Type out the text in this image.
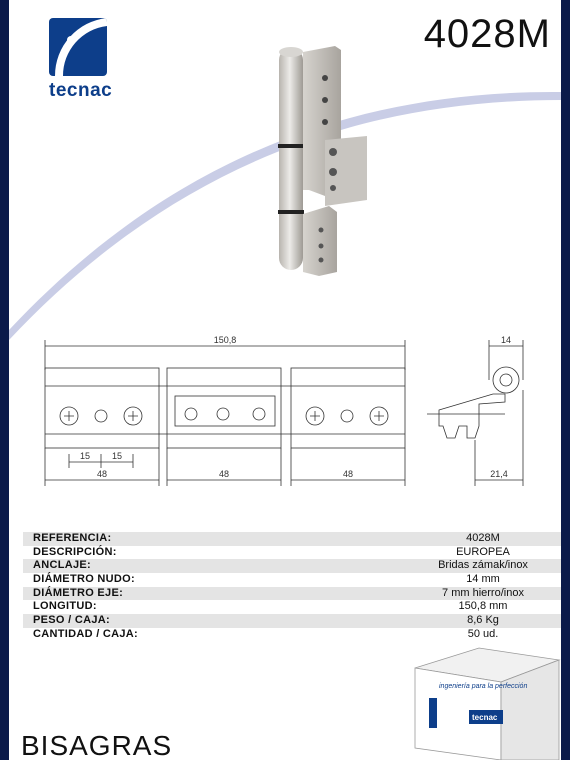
tecnac
4028M
150,8	14
15 15
48	48	48	21,4
REFERENCIA:	4028M
DESCRIPCIÓN:	EUROPEA
ANCLAJE:	Bridas zámak/inox
DIÁMETRO NUDO:	14 mm
DIÁMETRO EJE:	7 mm hierro/inox
LONGITUD:	150,8 mm
PESO / CAJA:	8,6 Kg
CANTIDAD / CAJA:	50 ud.
ingeniería para la perfección
tecnac
BISAGRAS
